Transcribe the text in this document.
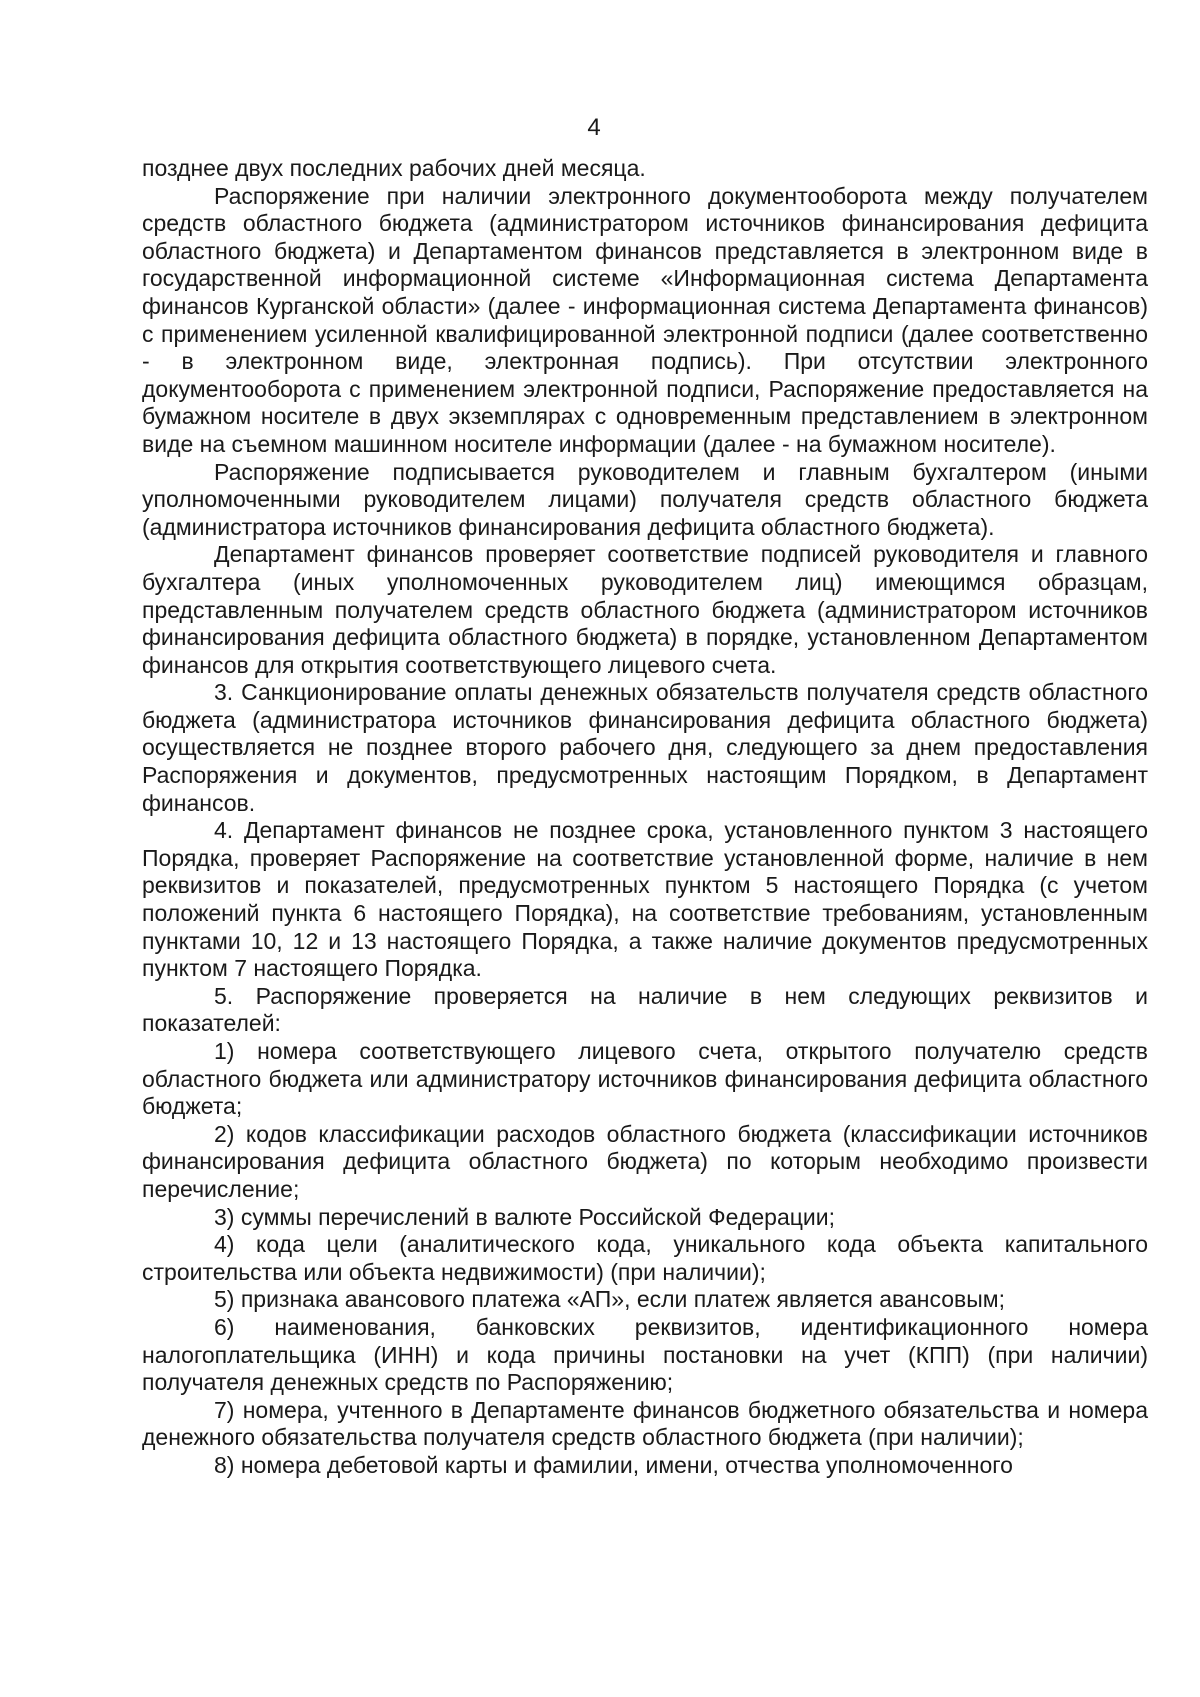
4

позднее двух последних рабочих дней месяца.

Распоряжение при наличии электронного документооборота между получателем средств областного бюджета (администратором источников финансирования дефицита областного бюджета) и Департаментом финансов представляется в электронном виде в государственной информационной системе «Информационная система Департамента финансов Курганской области» (далее - информационная система Департамента финансов) с применением усиленной квалифицированной электронной подписи (далее соответственно - в электронном виде, электронная подпись). При отсутствии электронного документооборота с применением электронной подписи, Распоряжение предоставляется на бумажном носителе в двух экземплярах с одновременным представлением в электронном виде на съемном машинном носителе информации (далее - на бумажном носителе).

Распоряжение подписывается руководителем и главным бухгалтером (иными уполномоченными руководителем лицами) получателя средств областного бюджета (администратора источников финансирования дефицита областного бюджета).

Департамент финансов проверяет соответствие подписей руководителя и главного бухгалтера (иных уполномоченных руководителем лиц) имеющимся образцам, представленным получателем средств областного бюджета (администратором источников финансирования дефицита областного бюджета) в порядке, установленном Департаментом финансов для открытия соответствующего лицевого счета.

3. Санкционирование оплаты денежных обязательств получателя средств областного бюджета (администратора источников финансирования дефицита областного бюджета) осуществляется не позднее второго рабочего дня, следующего за днем предоставления Распоряжения и документов, предусмотренных настоящим Порядком, в Департамент финансов.

4. Департамент финансов не позднее срока, установленного пунктом 3 настоящего Порядка, проверяет Распоряжение на соответствие установленной форме, наличие в нем реквизитов и показателей, предусмотренных пунктом 5 настоящего Порядка (с учетом положений пункта 6 настоящего Порядка), на соответствие требованиям, установленным пунктами 10, 12 и 13 настоящего Порядка, а также наличие документов предусмотренных пунктом 7 настоящего Порядка.

5. Распоряжение проверяется на наличие в нем следующих реквизитов и показателей:

1) номера соответствующего лицевого счета, открытого получателю средств областного бюджета или администратору источников финансирования дефицита областного бюджета;

2) кодов классификации расходов областного бюджета (классификации источников финансирования дефицита областного бюджета) по которым необходимо произвести перечисление;

3) суммы перечислений в валюте Российской Федерации;

4) кода цели (аналитического кода, уникального кода объекта капитального строительства или объекта недвижимости) (при наличии);

5) признака авансового платежа «АП», если платеж является авансовым;

6) наименования, банковских реквизитов, идентификационного номера налогоплательщика (ИНН) и кода причины постановки на учет (КПП) (при наличии) получателя денежных средств по Распоряжению;

7) номера, учтенного в Департаменте финансов бюджетного обязательства и номера денежного обязательства получателя средств областного бюджета (при наличии);

8) номера дебетовой карты и фамилии, имени, отчества уполномоченного
